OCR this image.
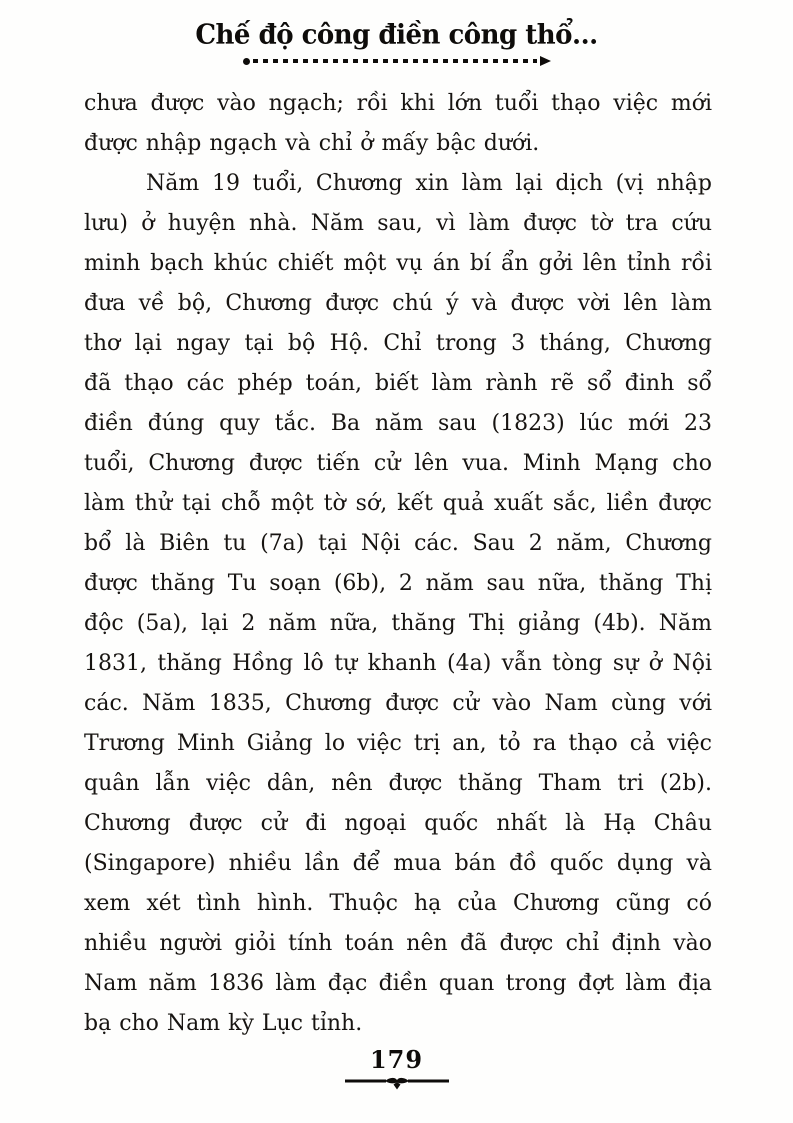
Chế độ công điền công thổ...
chưa được vào ngạch; rồi khi lớn tuổi thạo việc mới
được nhập ngạch và chỉ ở mấy bậc dưới.
Năm 19 tuổi, Chương xin làm lại dịch (vị nhập
lưu) ở huyện nhà. Năm sau, vì làm được tờ tra cứu
minh bạch khúc chiết một vụ án bí ẩn gởi lên tỉnh rồi
đưa về bộ, Chương được chú ý và được vời lên làm
thơ lại ngay tại bộ Hộ. Chỉ trong 3 tháng, Chương
đã thạo các phép toán, biết làm rành rẽ sổ đinh sổ
điền đúng quy tắc. Ba năm sau (1823) lúc mới 23
tuổi, Chương được tiến cử lên vua. Minh Mạng cho
làm thử tại chỗ một tờ sớ, kết quả xuất sắc, liền được
bổ là Biên tu (7a) tại Nội các. Sau 2 năm, Chương
được thăng Tu soạn (6b), 2 năm sau nữa, thăng Thị
độc (5a), lại 2 năm nữa, thăng Thị giảng (4b). Năm
1831, thăng Hồng lô tự khanh (4a) vẫn tòng sự ở Nội
các. Năm 1835, Chương được cử vào Nam cùng với
Trương Minh Giảng lo việc trị an, tỏ ra thạo cả việc
quân lẫn việc dân, nên được thăng Tham tri (2b).
Chương được cử đi ngoại quốc nhất là Hạ Châu
(Singapore) nhiều lần để mua bán đồ quốc dụng và
xem xét tình hình. Thuộc hạ của Chương cũng có
nhiều người giỏi tính toán nên đã được chỉ định vào
Nam năm 1836 làm đạc điền quan trong đợt làm địa
bạ cho Nam kỳ Lục tỉnh.
179
